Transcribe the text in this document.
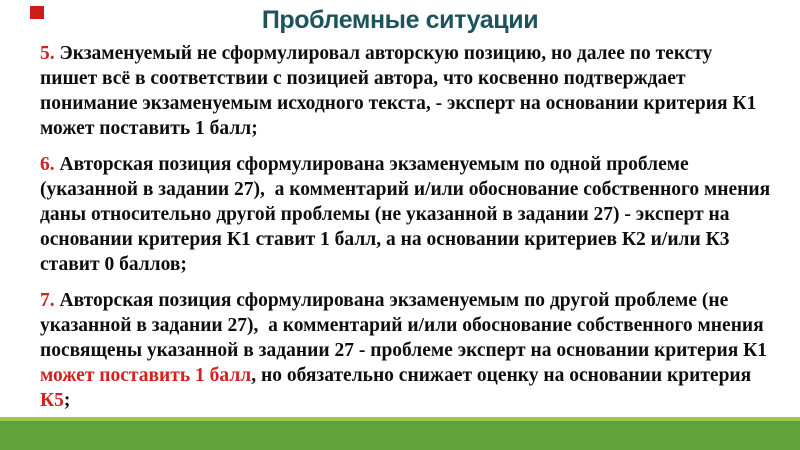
Проблемные ситуации

5. Экзаменуемый не сформулировал авторскую позицию, но далее по тексту пишет всё в соответствии с позицией автора, что косвенно подтверждает понимание экзаменуемым исходного текста, - эксперт на основании критерия К1 может поставить 1 балл;

6. Авторская позиция сформулирована экзаменуемым по одной проблеме (указанной в задании 27),  а комментарий и/или обоснование собственного мнения даны относительно другой проблемы (не указанной в задании 27) - эксперт на основании критерия К1 ставит 1 балл, а на основании критериев К2 и/или К3 ставит 0 баллов;

7. Авторская позиция сформулирована экзаменуемым по другой проблеме (не указанной в задании 27),  а комментарий и/или обоснование собственного мнения посвящены указанной в задании 27 - проблеме эксперт на основании критерия К1 может поставить 1 балл, но обязательно снижает оценку на основании критерия К5;
